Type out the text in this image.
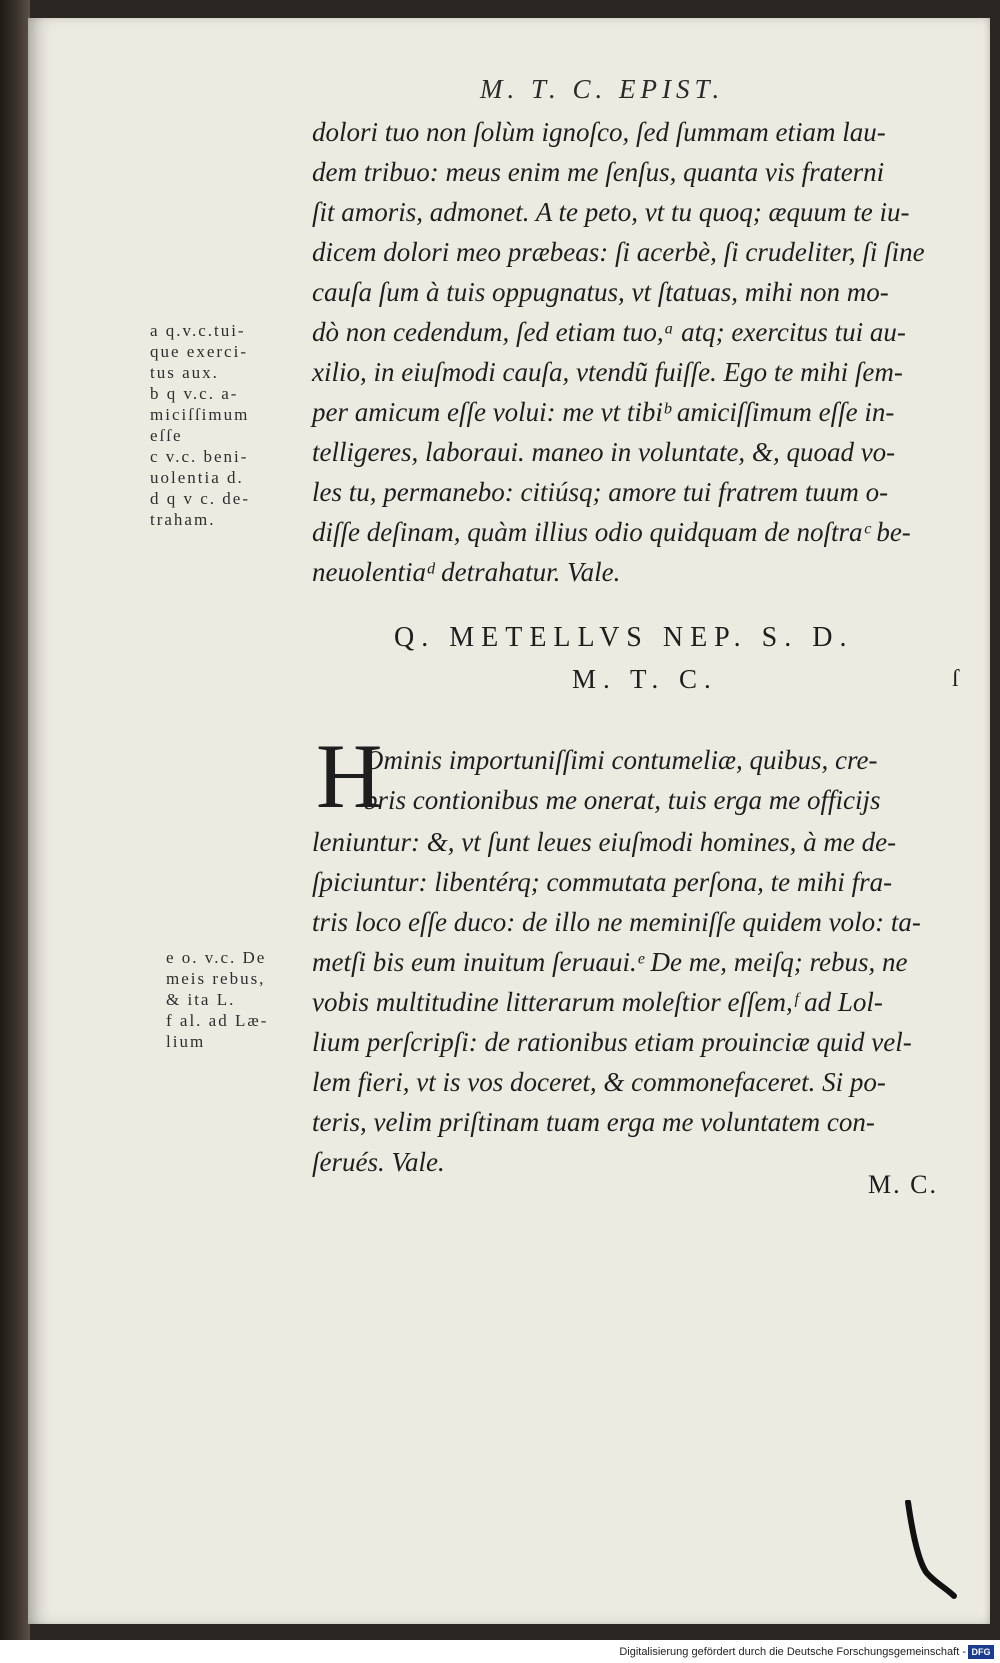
M. T. C. EPIST.
dolori tuo non ſolùm ignoſco, ſed ſummam etiam lau-
dem tribuo: meus enim me ſenſus, quanta vis fraterni
ſit amoris, admonet. A te peto, vt tu quoq; æquum te iu-
dicem dolori meo præbeas: ſi acerbè, ſi crudeliter, ſi ſine
cauſa ſum à tuis oppugnatus, vt ſtatuas, mihi non mo-
dò non cedendum, ſed etiam tuo,ᵃ atq; exercitus tui au-
xilio, in eiuſmodi cauſa, vtendũ fuiſſe. Ego te mihi ſem-
per amicum eſſe volui: me vt tibiᵇ amiciſſimum eſſe in-
telligeres, laboraui. maneo in voluntate, &, quoad vo-
les tu, permanebo: citiúsq; amore tui fratrem tuum o-
diſſe deſinam, quàm illius odio quidquam de noſtraᶜ be-
neuolentiaᵈ detrahatur. Vale.
a q.v.c.tui-
que exerci-
tus aux.
b q v.c. a-
miciſſimum
eſſe
c v.c. beni-
uolentia d.
d q v c. de-
traham.
Q. METELLVS NEP. S. D.
M. T. C.	ſ
H
Ominis importuniſſimi contumeliæ, quibus, cre-
bris contionibus me onerat, tuis erga me officijs
leniuntur: &, vt ſunt leues eiuſmodi homines, à me de-
ſpiciuntur: libentérq; commutata perſona, te mihi fra-
tris loco eſſe duco: de illo ne meminiſſe quidem volo: ta-
metſi bis eum inuitum ſeruaui.ᵉ De me, meiſq; rebus, ne
vobis multitudine litterarum moleſtior eſſem,ᶠ ad Lol-
lium perſcripſi: de rationibus etiam prouinciæ quid vel-
lem fieri, vt is vos doceret, & commonefaceret. Si po-
teris, velim priſtinam tuam erga me voluntatem con-
ſerués. Vale.
e o. v.c. De
meis rebus,
& ita L.
f al. ad Læ-
lium
M. C.
Digitalisierung gefördert durch die Deutsche Forschungsgemeinschaft - DFG
